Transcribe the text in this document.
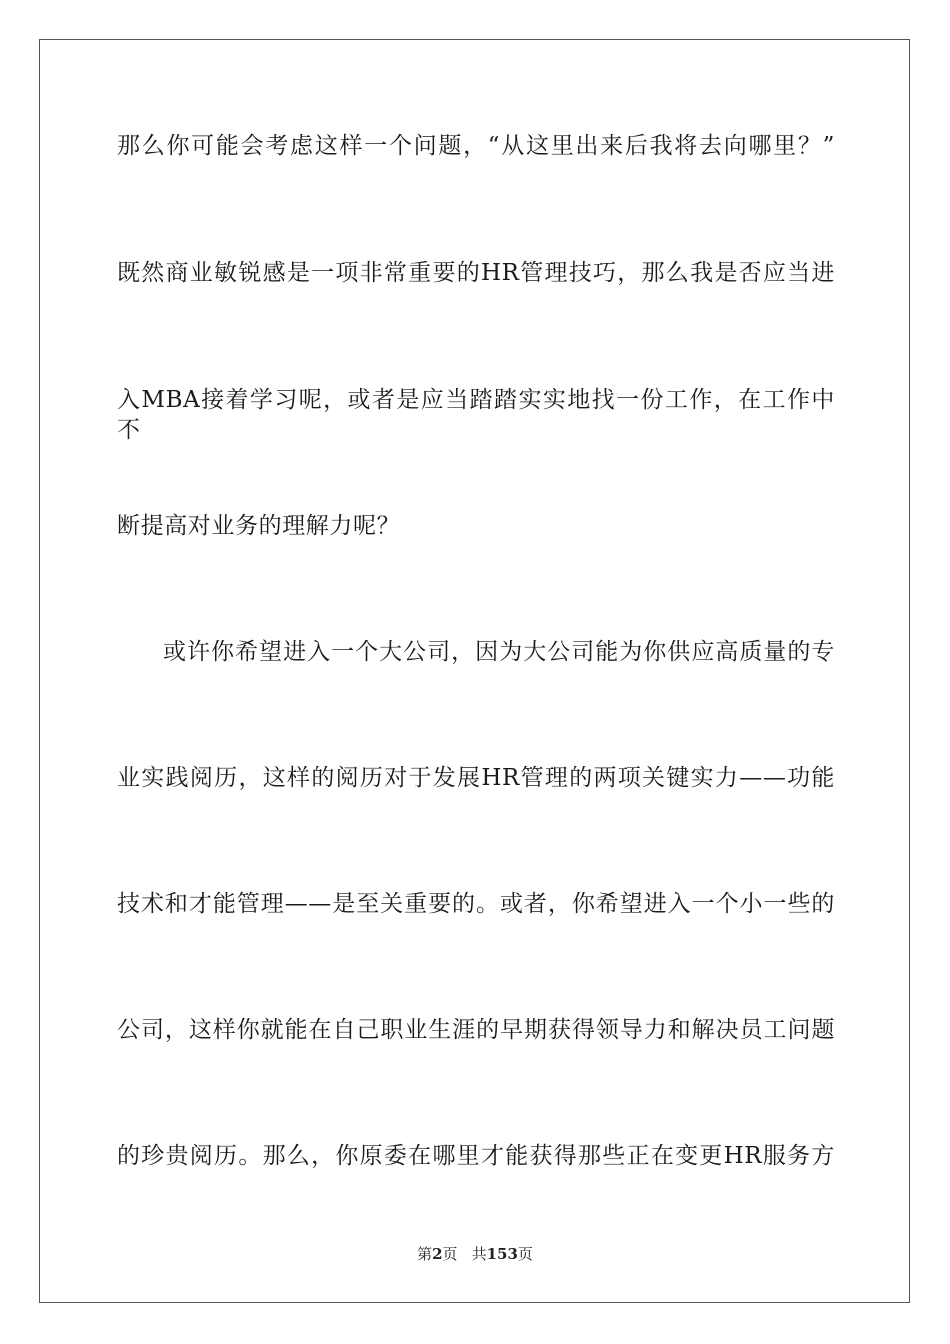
那么你可能会考虑这样一个问题，“从这里出来后我将去向哪里？”
既然商业敏锐感是一项非常重要的HR管理技巧，那么我是否应当进
入MBA接着学习呢，或者是应当踏踏实实地找一份工作，在工作中不
断提高对业务的理解力呢？
或许你希望进入一个大公司，因为大公司能为你供应高质量的专
业实践阅历，这样的阅历对于发展HR管理的两项关键实力——功能
技术和才能管理——是至关重要的。或者，你希望进入一个小一些的
公司，这样你就能在自己职业生涯的早期获得领导力和解决员工问题
的珍贵阅历。那么，你原委在哪里才能获得那些正在变更HR服务方
第2页 共153页
